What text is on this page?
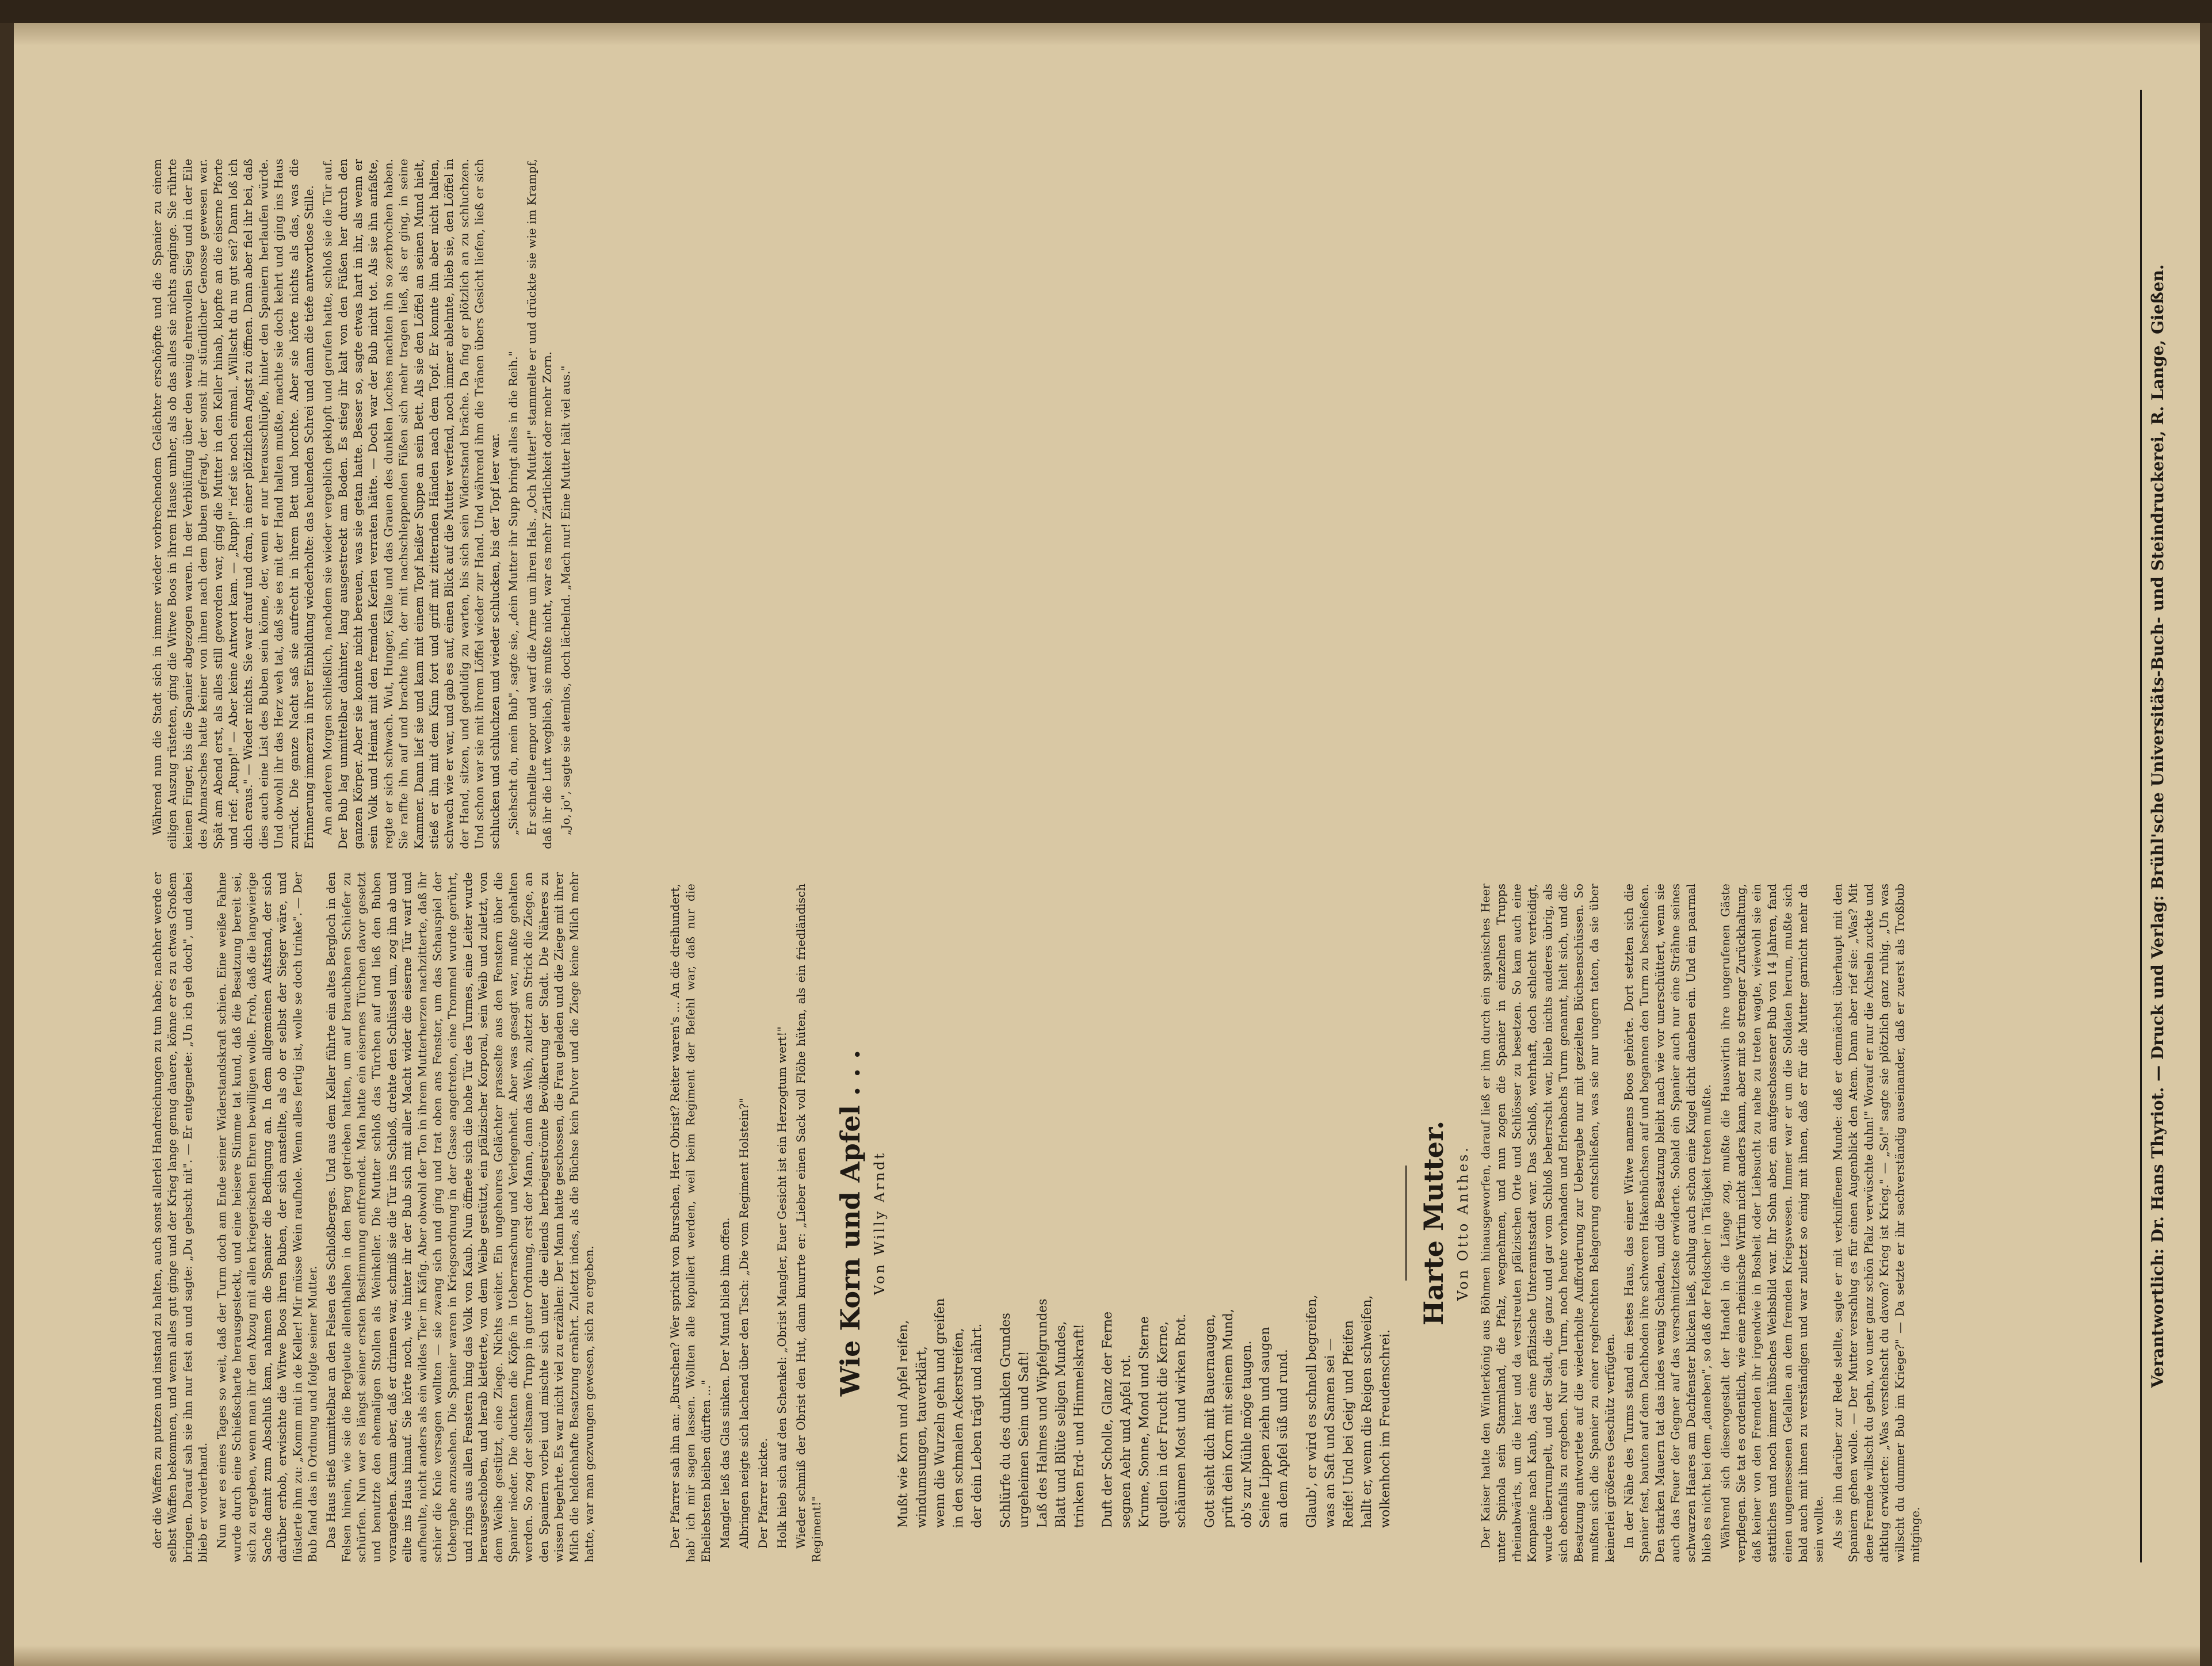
Der Pfarrer sah ihn an: „Burschen? Wer spricht von Burschen, Herr Obrist? Reiter waren's ... An die dreihundert, hab' ich mir sagen lassen. Wollten alle kopuliert werden, weil beim Regiment der Befehl war, daß nur die Eheliebsten bleiben dürften ..." Mangler ließ das Glas sinken. Der Mund blieb ihm offen. Albringen neigte sich lachend über den Tisch: „Die vom Regiment Holstein?" Der Pfarrer nickte. Holk hieb sich auf den Schenkel: „Obrist Mangler, Euer Gesicht ist ein Herzogtum wert!" Wieder schmiß der Obrist den Hut, dann knurrte er: „Lieber einen Sack voll Flöhe hüten, als ein friedländisch Regiment!"

Wie Korn und Apfel . . . Von Willy Arndt
Mußt wie Korn und Apfel reifen, windumsungen, tauverklärt, wenn die Wurzeln gehn und greifen in den schmalen Ackerstreifen, der dein Leben trägt und nährt. Schlürfe du des dunklen Grundes urgeheimen Seim und Saft! Laß des Halmes und Wipfelgrundes Blatt und Blüte seligen Mundes, trinken Erd- und Himmelskraft! Duft der Scholle, Glanz der Ferne segnen Aehr und Apfel rot. Krume, Sonne, Mond und Sterne quellen in der Frucht die Kerne, schäumen Most und wirken Brot. Gott sieht dich mit Bauernaugen, prüft dein Korn mit seinem Mund, ob's zur Mühle möge taugen. Seine Lippen ziehn und saugen an dem Apfel süß und rund. Glaub', er wird es schnell begreifen, was an Saft und Samen sei — Reife! Und bei Geig' und Pfeifen hallt er, wenn die Reigen schweifen, wolkenhoch im Freudenschrei.
Harte Mutter. Von Otto Anthes. Der Kaiser hatte den Winterkönig aus Böhmen hinausgeworfen, darauf ließ er ihm durch ein spanisches Heer unter Spinola sein Stammland, die Pfalz, wegnehmen, und nun zogen die Spanier in einzelnen Trupps rheinabwärts, um die hier und da verstreuten pfälzischen Orte und Schlösser zu besetzen. So kam auch eine Kompanie nach Kaub, das eine pfälzische Unteramtsstadt war. Das Schloß, wehrhaft, doch schlecht verteidigt, wurde überrumpelt, und der Stadt, die ganz und gar vom Schloß beherrscht war, blieb nichts anderes übrig, als sich ebenfalls zu ergeben. Nur ein Turm, noch heute vorhanden und Erlenbachs Turm genannt, hielt sich, und die Besatzung antwortete auf die wiederholte Aufforderung zur Uebergabe nur mit gezielten Büchsenschüssen. So mußten sich die Spanier zu einer regelrechten Belagerung entschließen, was sie nur ungern taten, da sie über keinerlei größeres Geschütz verfügten. In der Nähe des Turms stand ein festes Haus, das einer Witwe namens Boos gehörte. Dort setzten sich die Spanier fest, bauten auf dem Dachboden ihre schweren Hakenbüchsen auf und begannen den Turm zu beschießen. Den starken Mauern tat das indes wenig Schaden, und die Besatzung bleibt nach wie vor unerschüttert, wenn sie auch das Feuer der Gegner auf das verschmitzteste erwiderte. Sobald ein Spanier auch nur eine Strähne seines schwarzen Haares am Dachfenster blicken ließ, schlug auch schon eine Kugel dicht daneben ein. Und ein paarmal blieb es nicht bei dem „daneben", so daß der Feldscher in Tätigkeit treten mußte. Während sich dieserogestalt der Handel in die Länge zog, mußte die Hauswirtin ihre ungerufenen Gäste verpflegen. Sie tat es ordentlich, wie eine rheinische Wirtin nicht anders kann, aber mit so strenger Zurückhaltung, daß keiner von den Fremden ihr irgendwie in Bosheit oder Liebsucht zu nahe zu treten wagte, wiewohl sie ein stattliches und noch immer hübsches Weibsbild war. Ihr Sohn aber, ein aufgeschossener Bub von 14 Jahren, fand einen ungemessenen Gefallen an dem fremden Kriegswesen. Immer war er um die Soldaten herum, mußte sich bald auch mit ihnen zu verständigen und war zuletzt so einig mit ihnen, daß er für die Mutter garnicht mehr da sein wollte. Als sie ihn darüber zur Rede stellte, sagte er mit verkniffenem Munde: daß er demnächst überhaupt mit den Spaniern gehen wolle. — Der Mutter verschlug es für einen Augenblick den Atem. Dann aber rief sie: „Was? Mit dene Fremde willscht du gehn, wo uner ganz schön Pfalz verwüschte duhn!" Worauf er nur die Achseln zuckte und altklug erwiderte: „Was verstehscht du davon? Krieg ist Krieg." — „So!" sagte sie plötzlich ganz ruhig. „Un was willscht du dummer Bub im Kriege?" — Da setzte er ihr sachverständig auseinander, daß er zuerst als Troßbub mitginge.

der die Waffen zu putzen und instand zu halten, auch sonst allerlei Handreichungen zu tun habe; nachher werde er selbst Waffen bekommen, und wenn alles gut ginge und der Krieg lange genug dauere, könne er es zu etwas Großem bringen. Darauf sah sie ihn nur fest an und sagte: „Du gehscht nit". — Er entgegnete: „Un ich geh doch", und dabei blieb er vorderhand. Nun war es eines Tages so weit, daß der Turm doch am Ende seiner Widerstandskraft schien. Eine weiße Fahne wurde durch eine Schießscharte herausgesteckt, und eine heisere Stimme tat kund, daß die Besatzung bereit sei, sich zu ergeben, wenn man ihr den Abzug mit allen kriegerischen Ehren bewilligen wolle. Froh, daß die langwierige Sache damit zum Abschluß kam, nahmen die Spanier die Bedingung an. In dem allgemeinen Aufstand, der sich darüber erhob, erwischte die Witwe Boos ihren Buben, der sich anstellte, als ob er selbst der Sieger wäre, und flüsterte ihm zu: „Komm mit in de Keller! Mir müsse Wein raufhole. Wenn alles fertig ist, wolle se doch trinke". — Der Bub fand das in Ordnung und folgte seiner Mutter. Das Haus stieß unmittelbar an den Felsen des Schloßberges. Und aus dem Keller führte ein altes Bergloch in den Felsen hinein, wie sie die Bergleute allenthalben in den Berg getrieben hatten, um auf brauchbaren Schiefer zu schürfen. Nun war es längst seiner ersten Bestimmung entfremdet. Man hatte ein eisernes Türchen davor gesetzt und benutzte den ehemaligen Stollen als Weinkeller. Die Mutter schloß das Türchen auf und ließ den Buben vorangehen. Kaum aber, daß er drinnen war, schmiß sie die Tür ins Schloß, drehte den Schlüssel um, zog ihn ab und eilte ins Haus hinauf. Sie hörte noch, wie hinter ihr der Bub sich mit aller Macht wider die eiserne Tür warf und aufheulte, nicht anders als ein wildes Tier im Käfig. Aber obwohl der Ton in ihrem Mutterherzen nachzitterte, daß ihr schier die Knie versagen wollten — sie zwang sich und ging und trat oben ans Fenster, um das Schauspiel der Uebergabe anzusehen. Die Spanier waren in Kriegsordnung in der Gasse angetreten, eine Trommel wurde gerührt, und rings aus allen Fenstern hing das Volk von Kaub. Nun öffnete sich die hohe Tür des Turmes, eine Leiter wurde herausgeschoben, und herab kletterte, von dem Weibe gestützt, ein pfälzischer Korporal, sein Weib und zuletzt, von dem Weibe gestützt, eine Ziege. Nichts weiter. Ein ungeheures Gelächter prasselte aus den Fenstern über die Spanier nieder. Die duckten die Köpfe in Ueberraschung und Verlegenheit. Aber was gesagt war, mußte gehalten werden. So zog der seltsame Trupp in guter Ordnung, erst der Mann, dann das Weib, zuletzt am Strick die Ziege, an den Spaniern vorbei und mischte sich unter die eilends herbeigeströmte Bevölkerung der Stadt. Die Näheres zu wissen begehrte. Es war nicht viel zu erzählen: Der Mann hatte geschossen, die Frau geladen und die Ziege mit ihrer Milch die heldenhafte Besatzung ernährt. Zuletzt indes, als die Büchse kein Pulver und die Ziege keine Milch mehr hatte, war man gezwungen gewesen, sich zu ergeben.

Während nun die Stadt sich in immer wieder vorbrechendem Gelächter erschöpfte und die Spanier zu einem eiligen Auszug rüsteten, ging die Witwe Boos in ihrem Hause umher, als ob das alles sie nichts anginge. Sie rührte keinen Finger, bis die Spanier abgezogen waren. In der Verblüffung über den wenig ehrenvollen Sieg und in der Eile des Abmarsches hatte keiner von ihnen nach dem Buben gefragt, der sonst ihr stündlicher Genosse gewesen war. Spät am Abend erst, als alles still geworden war, ging die Mutter in den Keller hinab, klopfte an die eiserne Pforte und rief: „Rupp!" — Aber keine Antwort kam. — „Rupp!" rief sie noch einmal. „Willscht du nu gut sei? Dann loß ich dich eraus." — Wieder nichts. Sie war drauf und dran, in einer plötzlichen Angst zu öffnen. Dann aber fiel ihr bei, daß dies auch eine List des Buben sein könne, der, wenn er nur herausschlüpfe, hinter den Spaniern herlaufen würde. Und obwohl ihr das Herz weh tat, daß sie es mit der Hand halten mußte, machte sie doch kehrt und ging ins Haus zurück. Die ganze Nacht saß sie aufrecht in ihrem Bett und horchte. Aber sie hörte nichts als das, was die Erinnerung immerzu in ihrer Einbildung wiederholte: das heulenden Schrei und dann die tiefe antwortlose Stille. Am anderen Morgen schließlich, nachdem sie wieder vergeblich geklopft und gerufen hatte, schloß sie die Tür auf. Der Bub lag unmittelbar dahinter, lang ausgestreckt am Boden. Es stieg ihr kalt von den Füßen her durch den ganzen Körper. Aber sie konnte nicht bereuen, was sie getan hatte. Besser so, sagte etwas hart in ihr, als wenn er sein Volk und Heimat mit den fremden Kerlen verraten hätte. — Doch war der Bub nicht tot. Als sie ihn anfaßte, regte er sich schwach. Wut, Hunger, Kälte und das Grauen des dunklen Loches machten ihn so zerbrochen haben. Sie raffte ihn auf und brachte ihn, der mit nachschleppenden Füßen sich mehr tragen ließ, als er ging, in seine Kammer. Dann lief sie und kam mit einem Topf heißer Suppe an sein Bett. Als sie den Löffel an seinen Mund hielt, stieß er ihn mit dem Kinn fort und griff mit zitternden Händen nach dem Topf. Er konnte ihn aber nicht halten, schwach wie er war, und gab es auf, einen Blick auf die Mutter werfend, noch immer ablehnte, blieb sie, den Löffel in der Hand, sitzen, und geduldig zu warten, bis sich sein Widerstand bräche. Da fing er plötzlich an zu schluchzen. Und schon war sie mit ihrem Löffel wieder zur Hand. Und während ihm die Tränen übers Gesicht liefen, ließ er sich schlucken und schluchzen und wieder schlucken, bis der Topf leer war. „Siehscht du, mein Bub", sagte sie, „dein Mutter ihr Supp bringt alles in die Reih." Er schnellte empor und warf die Arme um ihren Hals. „Och Mutter!" stammelte er und drückte sie wie im Krampf, daß ihr die Luft wegblieb, sie mußte nicht, war es mehr Zärtlichkeit oder mehr Zorn. „Jo, jo", sagte sie atemlos, doch lächelnd. „Mach nur! Eine Mutter hält viel aus."	Verantwortlich: Dr. Hans Thyriot. — Druck und Verlag: Brühl'sche Universitäts-Buch- und Steindruckerei, R. Lange, Gießen.
